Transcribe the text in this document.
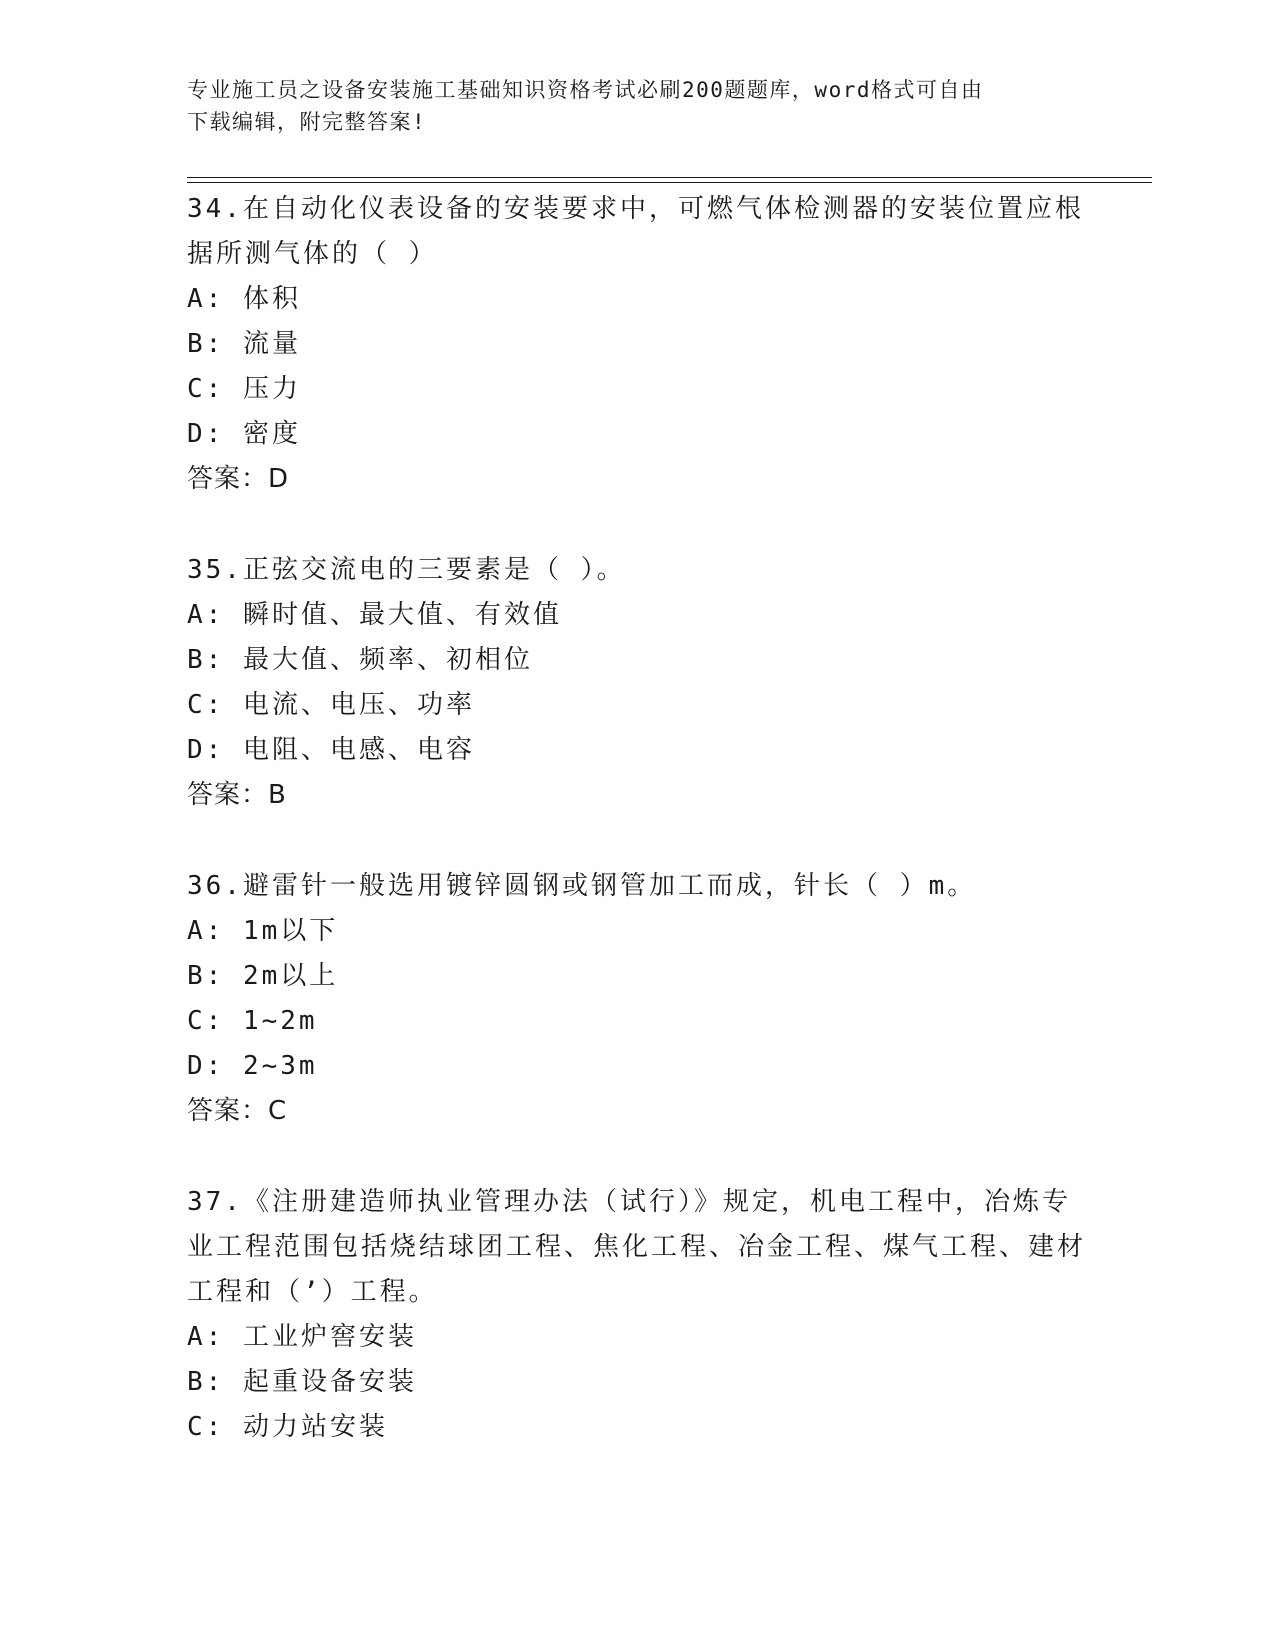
专业施工员之设备安装施工基础知识资格考试必刷200题题库，word格式可自由
下载编辑，附完整答案!
34.在自动化仪表设备的安装要求中，可燃气体检测器的安装位置应根据所测气体的（ ）
A: 体积
B: 流量
C: 压力
D: 密度
答案：D
35.正弦交流电的三要素是（ ）。
A: 瞬时值、最大值、有效值
B: 最大值、频率、初相位
C: 电流、电压、功率
D: 电阻、电感、电容
答案：B
36.避雷针一般选用镀锌圆钢或钢管加工而成，针长（ ）m。
A: 1m以下
B: 2m以上
C: 1~2m
D: 2~3m
答案：C
37.《注册建造师执业管理办法（试行）》规定，机电工程中，冶炼专业工程范围包括烧结球团工程、焦化工程、冶金工程、煤气工程、建材工程和（’）工程。
A: 工业炉窖安装
B: 起重设备安装
C: 动力站安装
